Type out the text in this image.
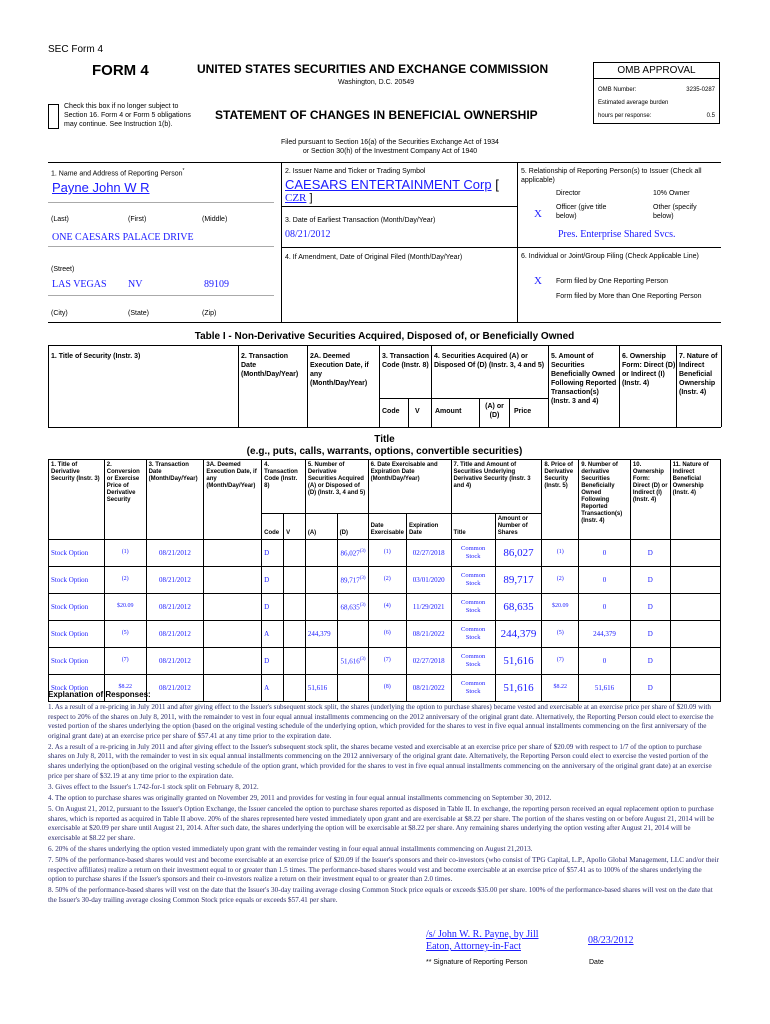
SEC Form 4
FORM 4	UNITED STATES SECURITIES AND EXCHANGE COMMISSION
Washington, D.C. 20549
Check this box if no longer subject to Section 16. Form 4 or Form 5 obligations may continue. See Instruction 1(b).
STATEMENT OF CHANGES IN BENEFICIAL OWNERSHIP
Filed pursuant to Section 16(a) of the Securities Exchange Act of 1934
or Section 30(h) of the Investment Company Act of 1940
OMB APPROVAL
OMB Number:	3235-0287
Estimated average burden
hours per response:	0.5
1. Name and Address of Reporting Person*
Payne John W R
(Last)	(First)	(Middle)
ONE CAESARS PALACE DRIVE
(Street)
LAS VEGAS NV	89109
(City)	(State)	(Zip)
2. Issuer Name and Ticker or Trading Symbol
CAESARS ENTERTAINMENT Corp [
CZR ]
3. Date of Earliest Transaction (Month/Day/Year)
08/21/2012
4. If Amendment, Date of Original Filed (Month/Day/Year)
5. Relationship of Reporting Person(s) to Issuer (Check all applicable)
Director	10% Owner
X
Officer (give title below)
Other (specify below)
Pres. Enterprise Shared Svcs.
6. Individual or Joint/Group Filing (Check Applicable Line)
X Form filed by One Reporting Person
Form filed by More than One Reporting Person
Table I - Non-Derivative Securities Acquired, Disposed of, or Beneficially Owned
1. Title of Security (Instr. 3)	2. Transaction Date (Month/Day/Year)
2A. Deemed Execution Date, if any (Month/Day/Year)
3. Transaction Code (Instr. 8)
4. Securities Acquired (A) or Disposed Of (D) (Instr. 3, 4 and 5)
5. Amount of Securities Beneficially Owned Following Reported Transaction(s) (Instr. 3 and 4)
6. Ownership Form: Direct (D) or Indirect (I) (Instr. 4)
7. Nature of Indirect Beneficial Ownership (Instr. 4)
Code V Amount
(A) or (D)
Price
Title
(e.g., puts, calls, warrants, options, convertible securities)
1. Title of Derivative Security (Instr. 3)	2. Conversion or Exercise Price of Derivative Security	3. Transaction Date (Month/Day/Year)	3A. Deemed Execution Date, if any (Month/Day/Year)	4. Transaction Code (Instr. 8)		5. Number of Derivative Securities Acquired (A) or Disposed of (D) (Instr. 3, 4 and 5)		6. Date Exercisable and Expiration Date (Month/Day/Year)		7. Title and Amount of Securities Underlying Derivative Security (Instr. 3 and 4)		8. Price of Derivative Security (Instr. 5)	9. Number of derivative Securities Beneficially Owned Following Reported Transaction(s) (Instr. 4)	10. Ownership Form: Direct (D) or Indirect (I) (Instr. 4)	11. Nature of Indirect Beneficial Ownership (Instr. 4)
				Code	V	(A)	(D)	Date Exercisable	Expiration Date	Title	Amount or Number of Shares				
Stock Option	(1)	08/21/2012		D			86,027$^{(3)}$	(1)	02/27/2018	Common Stock	86,027	(1)	0	D	
Stock Option	(2)	08/21/2012		D			89,717$^{(3)}$	(2)	03/01/2020	Common Stock	89,717	(2)	0	D	
Stock Option	$20.09	08/21/2012		D			68,635$^{(3)}$	(4)	11/29/2021	Common Stock	68,635	$20.09	0	D	
Stock Option	(5)	08/21/2012		A		244,379		(6)	08/21/2022	Common Stock	244,379	(5)	244,379	D	
Stock Option	(7)	08/21/2012		D			51,616$^{(3)}$	(7)	02/27/2018	Common Stock	51,616	(7)	0	D	
Stock Option	$8.22	08/21/2012		A		51,616		(8)	08/21/2022	Common Stock	51,616	$8.22	51,616	D	
Explanation of Responses:
1. As a result of a re-pricing in July 2011 and after giving effect to the Issuer's subsequent stock split, the shares (underlying the option to purchase shares) became vested and exercisable at an exercise price per share of $20.09 with respect to 20% of the shares on July 8, 2011, with the remainder to vest in four equal annual installments commencing on the 2012 anniversary of the original grant date. Alternatively, the Reporting Person could elect to exercise the vested portion of the shares underlying the option (based on the original vesting schedule of the underlying option, which provided for the shares to vest in five equal annual installments commencing on the first anniversary of the original grant date) at an exercise price per share of $57.41 at any time prior to the expiration date.
2. As a result of a re-pricing in July 2011 and after giving effect to the Issuer's subsequent stock split, the shares became vested and exercisable at an exercise price per share of $20.09 with respect to 1/7 of the option to purchase shares on July 8, 2011, with the remainder to vest in six equal annual installments commencing on the 2012 anniversary of the original grant date. Alternatively, the Reporting Person could elect to exercise the vested portion of the shares underlying the option(based on the original vesting schedule of the option grant, which provided for the shares to vest in five equal annual installments commencing on the anniversary of the original grant date) at an exercise price per share of $32.19 at any time prior to the expiration date.
3. Gives effect to the Issuer's 1.742-for-1 stock split on February 8, 2012.
4. The option to purchase shares was originally granted on November 29, 2011 and provides for vesting in four equal annual installments commencing on September 30, 2012.
5. On August 21, 2012, pursuant to the Issuer's Option Exchange, the Issuer canceled the option to purchase shares reported as disposed in Table II. In exchange, the reporting person received an equal replacement option to purchase shares, which is reported as acquired in Table II above. 20% of the shares represented here vested immediately upon grant and are exercisable at $8.22 per share. The portion of the shares vesting on or before August 21, 2014 will be exercisable at $20.09 per share until August 21, 2014. After such date, the shares underlying the option will be exercisable at $8.22 per share. Any remaining shares underlying the option vesting after August 21, 2014 will be exercisable at $8.22 per share.
6. 20% of the shares underlying the option vested immediately upon grant with the remainder vesting in four equal annual installments commencing on August 21,2013.
7. 50% of the performance-based shares would vest and become exercisable at an exercise price of $20.09 if the Issuer's sponsors and their co-investors (who consist of TPG Capital, L.P., Apollo Global Management, LLC and/or their respective affiliates) realize a return on their investment equal to or greater than 1.5 times. The performance-based shares would vest and become exercisable at an exercise price of $57.41 as to 100% of the shares underlying the option to purchase shares if the Issuer's sponsors and their co-investors realize a return on their investment equal to or greater than 2.0 times.
8. 50% of the performance-based shares will vest on the date that the Issuer's 30-day trailing average closing Common Stock price equals or exceeds $35.00 per share. 100% of the performance-based shares will vest on the date that the Issuer's 30-day trailing average closing Common Stock price equals or exceeds $57.41 per share.
/s/ John W. R. Payne, by Jill
Eaton, Attorney-in-Fact
08/23/2012
** Signature of Reporting Person	Date
